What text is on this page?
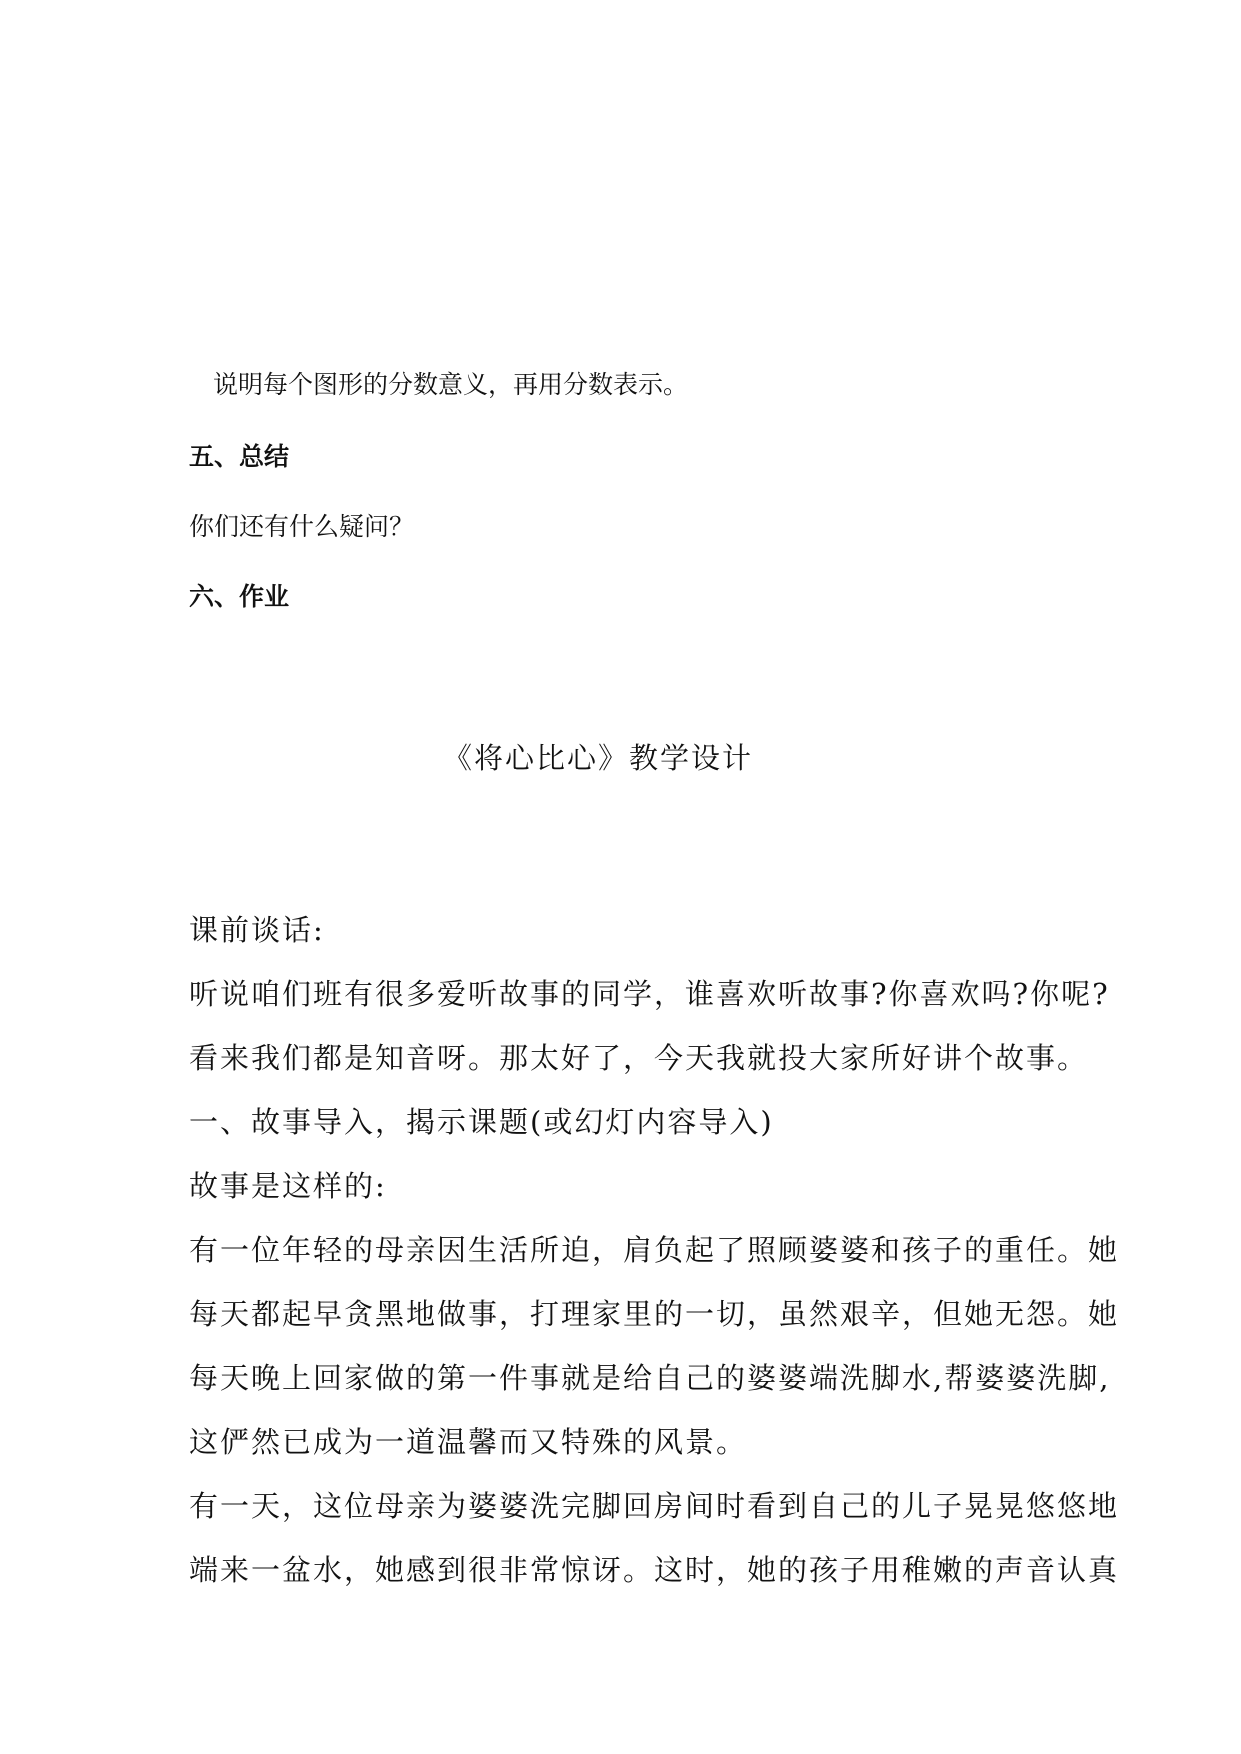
说明每个图形的分数意义，再用分数表示。
五、总结
你们还有什么疑问？
六、作业
《将心比心》教学设计
课前谈话:
听说咱们班有很多爱听故事的同学，谁喜欢听故事?你喜欢吗?你呢?
看来我们都是知音呀。那太好了，今天我就投大家所好讲个故事。
一、故事导入，揭示课题(或幻灯内容导入)
故事是这样的:
有一位年轻的母亲因生活所迫，肩负起了照顾婆婆和孩子的重任。她
每天都起早贪黑地做事，打理家里的一切，虽然艰辛，但她无怨。她
每天晚上回家做的第一件事就是给自己的婆婆端洗脚水,帮婆婆洗脚,
这俨然已成为一道温馨而又特殊的风景。
有一天，这位母亲为婆婆洗完脚回房间时看到自己的儿子晃晃悠悠地
端来一盆水，她感到很非常惊讶。这时，她的孩子用稚嫩的声音认真
